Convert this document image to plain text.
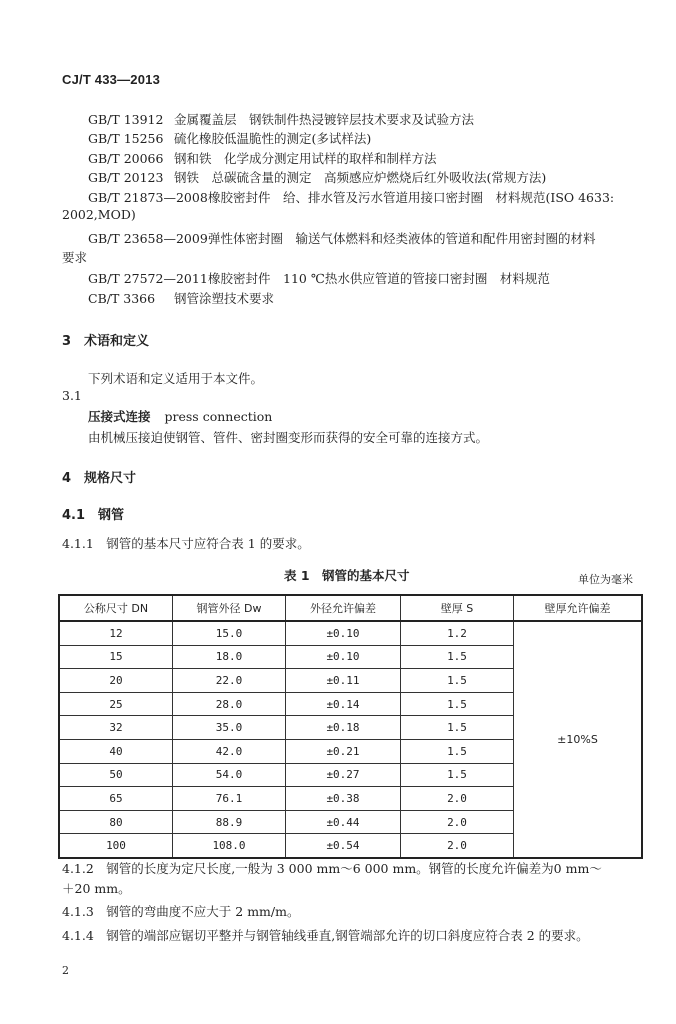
CJ/T 433—2013
GB/T 13912 金属覆盖层　钢铁制件热浸镀锌层技术要求及试验方法
GB/T 15256 硫化橡胶低温脆性的测定(多试样法)
GB/T 20066 钢和铁　化学成分测定用试样的取样和制样方法
GB/T 20123 钢铁　总碳硫含量的测定　高频感应炉燃烧后红外吸收法(常规方法)
GB/T 21873—2008橡胶密封件　给、排水管及污水管道用接口密封圈　材料规范(ISO 4633:
2002,MOD)
GB/T 23658—2009弹性体密封圈　输送气体燃料和烃类液体的管道和配件用密封圈的材料
要求
GB/T 27572—2011橡胶密封件　110 ℃热水供应管道的管接口密封圈　材料规范
CB/T 3366 钢管涂塑技术要求
3　术语和定义
下列术语和定义适用于本文件。
3.1
压接式连接 press connection
由机械压接迫使钢管、管件、密封圈变形而获得的安全可靠的连接方式。
4　规格尺寸
4.1　钢管
4.1.1　钢管的基本尺寸应符合表 1 的要求。
表 1　钢管的基本尺寸	单位为毫米
公称尺寸 DN	钢管外径 Dw	外径允许偏差	壁厚 S	壁厚允许偏差
12	15.0	±0.10	1.2	±10%S
15	18.0	±0.10	1.5	
20	22.0	±0.11	1.5	
25	28.0	±0.14	1.5	
32	35.0	±0.18	1.5	
40	42.0	±0.21	1.5	
50	54.0	±0.27	1.5	
65	76.1	±0.38	2.0	
80	88.9	±0.44	2.0	
100	108.0	±0.54	2.0	
4.1.2　钢管的长度为定尺长度,一般为 3 000 mm～6 000 mm。钢管的长度允许偏差为0 mm～
＋20 mm。
4.1.3　钢管的弯曲度不应大于 2 mm/m。
4.1.4　钢管的端部应锯切平整并与钢管轴线垂直,钢管端部允许的切口斜度应符合表 2 的要求。
2
